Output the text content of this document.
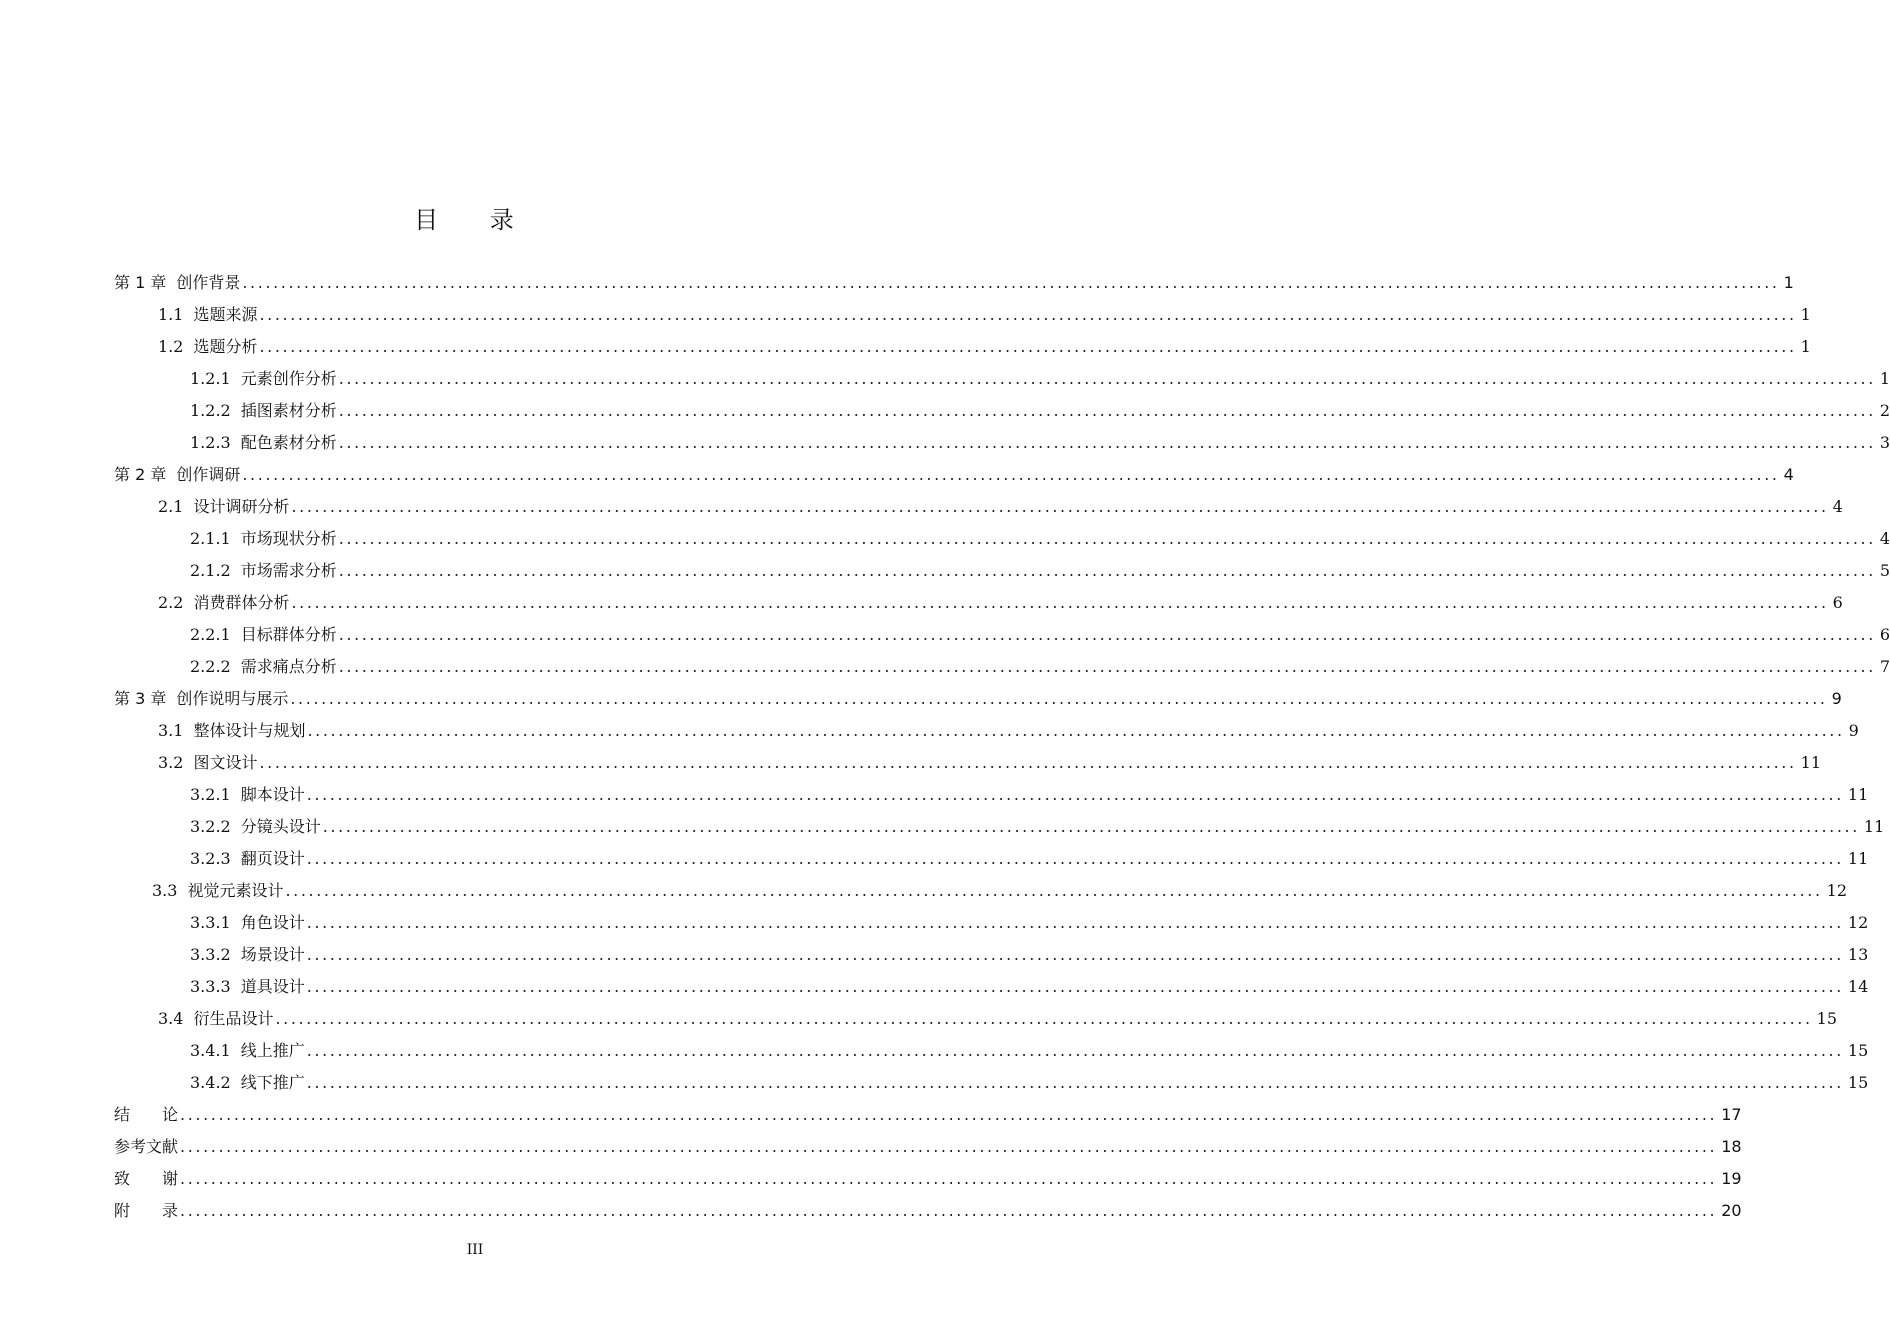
目 录
第 1 章 创作背景 ........................................................................................................................................................................................................ 1
1.1 选题来源 ........................................................................................................................................................................................................ 1
1.2 选题分析 ........................................................................................................................................................................................................ 1
1.2.1 元素创作分析 ........................................................................................................................................................................................................ 1
1.2.2 插图素材分析 ........................................................................................................................................................................................................ 2
1.2.3 配色素材分析 ........................................................................................................................................................................................................ 3
第 2 章 创作调研 ........................................................................................................................................................................................................ 4
2.1 设计调研分析 ........................................................................................................................................................................................................ 4
2.1.1 市场现状分析 ........................................................................................................................................................................................................ 4
2.1.2 市场需求分析 ........................................................................................................................................................................................................ 5
2.2 消费群体分析 ........................................................................................................................................................................................................ 6
2.2.1 目标群体分析 ........................................................................................................................................................................................................ 6
2.2.2 需求痛点分析 ........................................................................................................................................................................................................ 7
第 3 章 创作说明与展示 ........................................................................................................................................................................................................ 9
3.1 整体设计与规划 ........................................................................................................................................................................................................ 9
3.2 图文设计 ........................................................................................................................................................................................................ 11
3.2.1 脚本设计 ........................................................................................................................................................................................................ 11
3.2.2 分镜头设计 ........................................................................................................................................................................................................ 11
3.2.3 翻页设计 ........................................................................................................................................................................................................ 11
3.3 视觉元素设计 ........................................................................................................................................................................................................ 12
3.3.1 角色设计 ........................................................................................................................................................................................................ 12
3.3.2 场景设计 ........................................................................................................................................................................................................ 13
3.3.3 道具设计 ........................................................................................................................................................................................................ 14
3.4 衍生品设计 ........................................................................................................................................................................................................ 15
3.4.1 线上推广 ........................................................................................................................................................................................................ 15
3.4.2 线下推广 ........................................................................................................................................................................................................ 15
结　　论 ........................................................................................................................................................................................................ 17
参考文献 ........................................................................................................................................................................................................ 18
致　　谢 ........................................................................................................................................................................................................ 19
附　　录 ........................................................................................................................................................................................................ 20
III
